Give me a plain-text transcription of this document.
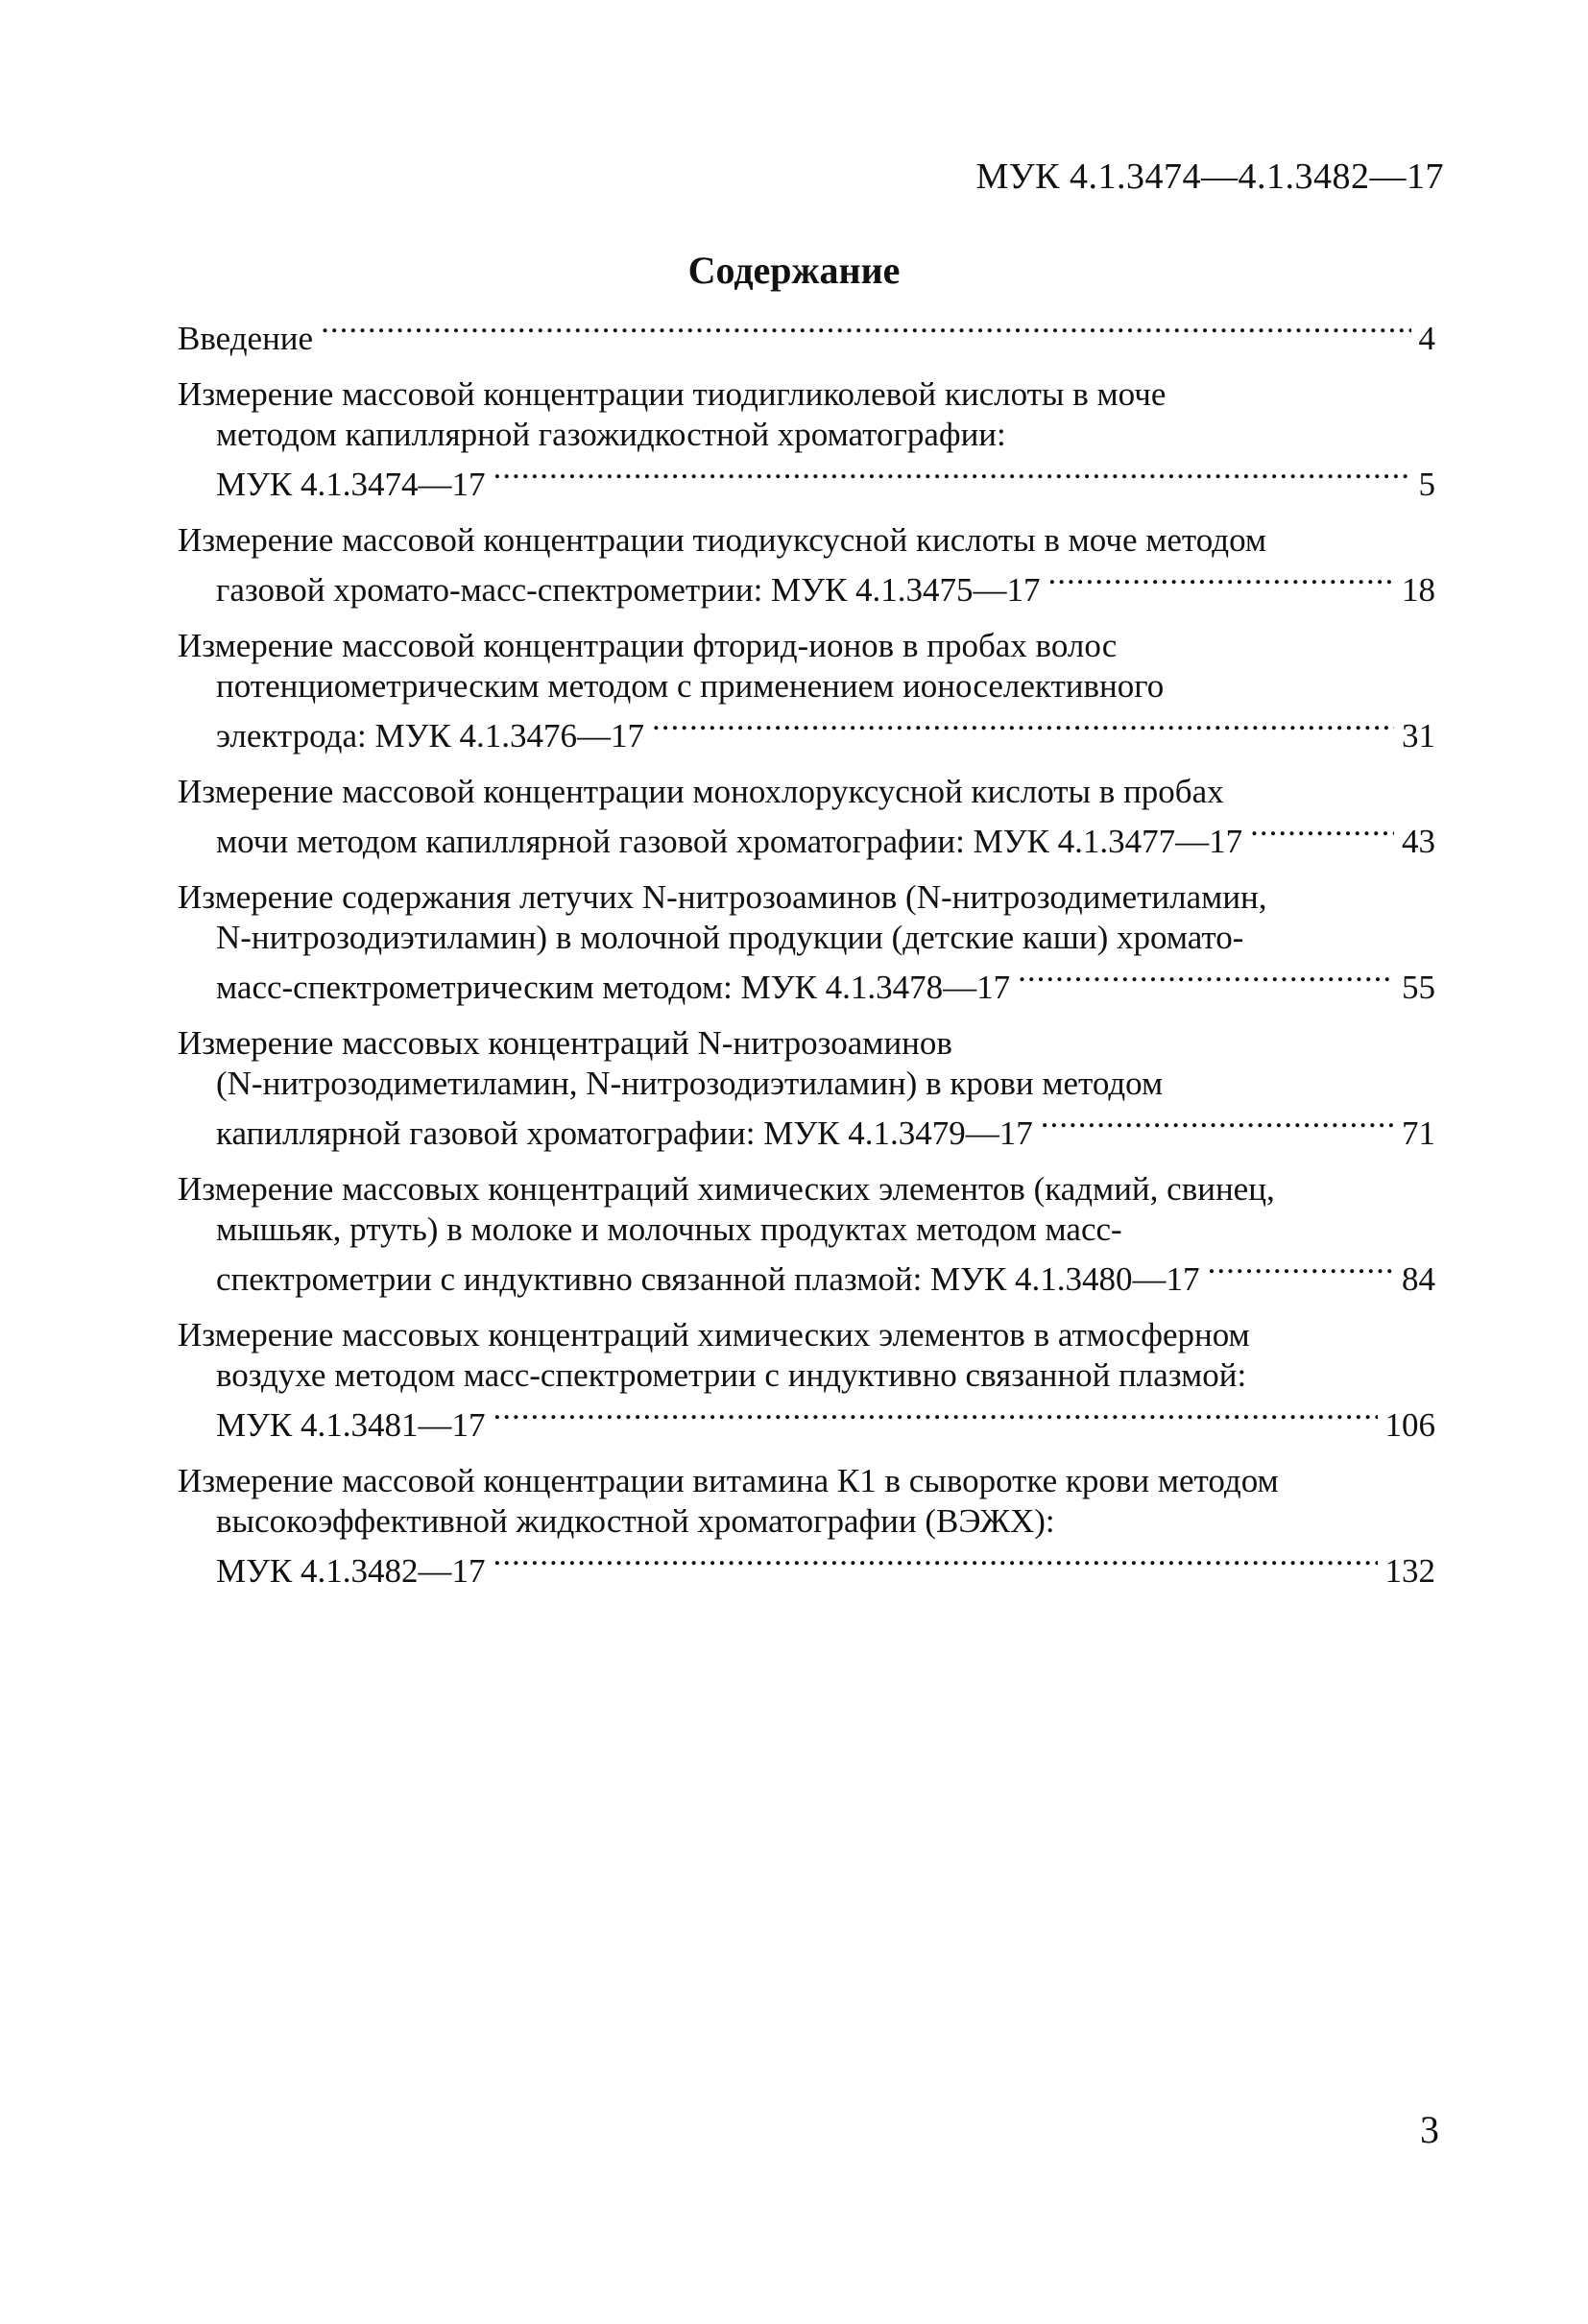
МУК 4.1.3474—4.1.3482—17
Содержание
Введение .....	4
Измерение массовой концентрации тиодигликолевой кислоты в моче
методом капиллярной газожидкостной хроматографии:
МУК 4.1.3474—17 .....	5
Измерение массовой концентрации тиодиуксусной кислоты в моче методом
газовой хромато-масс-спектрометрии: МУК 4.1.3475—17 .....	18
Измерение массовой концентрации фторид-ионов в пробах волос
потенциометрическим методом с применением ионоселективного
электрода: МУК 4.1.3476—17 .....	31
Измерение массовой концентрации монохлоруксусной кислоты в пробах
мочи методом капиллярной газовой хроматографии: МУК 4.1.3477—17 .....	43
Измерение содержания летучих N-нитрозоаминов (N-нитрозодиметиламин,
N-нитрозодиэтиламин) в молочной продукции (детские каши) хромато-
масс-спектрометрическим методом: МУК 4.1.3478—17 .....	55
Измерение массовых концентраций N-нитрозоаминов
(N-нитрозодиметиламин, N-нитрозодиэтиламин) в крови методом
капиллярной газовой хроматографии: МУК 4.1.3479—17 .....	71
Измерение массовых концентраций химических элементов (кадмий, свинец,
мышьяк, ртуть) в молоке и молочных продуктах методом масс-
спектрометрии с индуктивно связанной плазмой: МУК 4.1.3480—17 .....	84
Измерение массовых концентраций химических элементов в атмосферном
воздухе методом масс-спектрометрии с индуктивно связанной плазмой:
МУК 4.1.3481—17 .....	106
Измерение массовой концентрации витамина К1 в сыворотке крови методом
высокоэффективной жидкостной хроматографии (ВЭЖХ):
МУК 4.1.3482—17 .....	132
3
